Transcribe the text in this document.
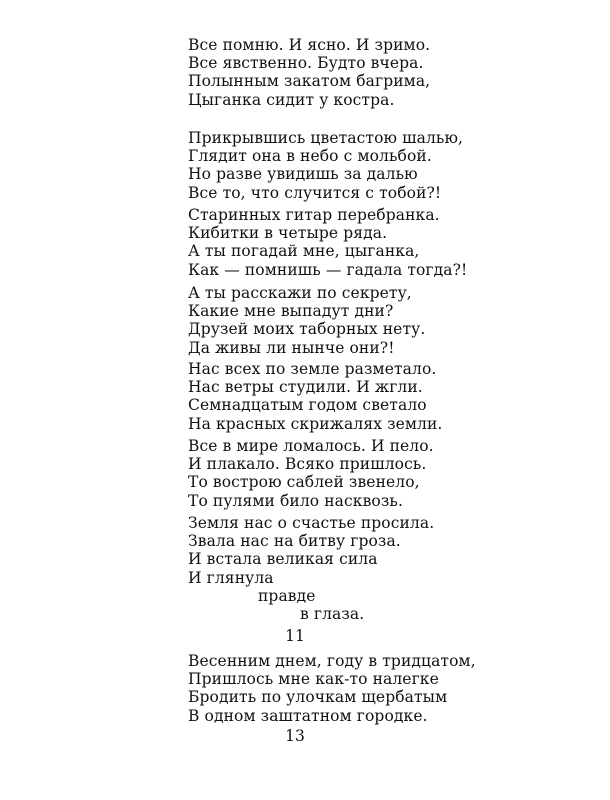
Все помню. И ясно. И зримо.
Все явственно. Будто вчера.
Полынным закатом багрима,
Цыганка сидит у костра.
Прикрывшись цветастою шалью,
Глядит она в небо с мольбой.
Но разве увидишь за далью
Все то, что случится с тобой?!
Старинных гитар перебранка.
Кибитки в четыре ряда.
А ты погадай мне, цыганка,
Как — помнишь — гадала тогда?!
А ты расскажи по секрету,
Какие мне выпадут дни?
Друзей моих таборных нету.
Да живы ли нынче они?!
Нас всех по земле разметало.
Нас ветры студили. И жгли.
Семнадцатым годом светало
На красных скрижалях земли.
Все в мире ломалось. И пело.
И плакало. Всяко пришлось.
То вострою саблей звенело,
То пулями било насквозь.
Земля нас о счастье просила.
Звала нас на битву гроза.
И встала великая сила
И глянула
правде
в глаза.
11
Весенним днем, году в тридцатом,
Пришлось мне как-то налегке
Бродить по улочкам щербатым
В одном заштатном городке.
13
